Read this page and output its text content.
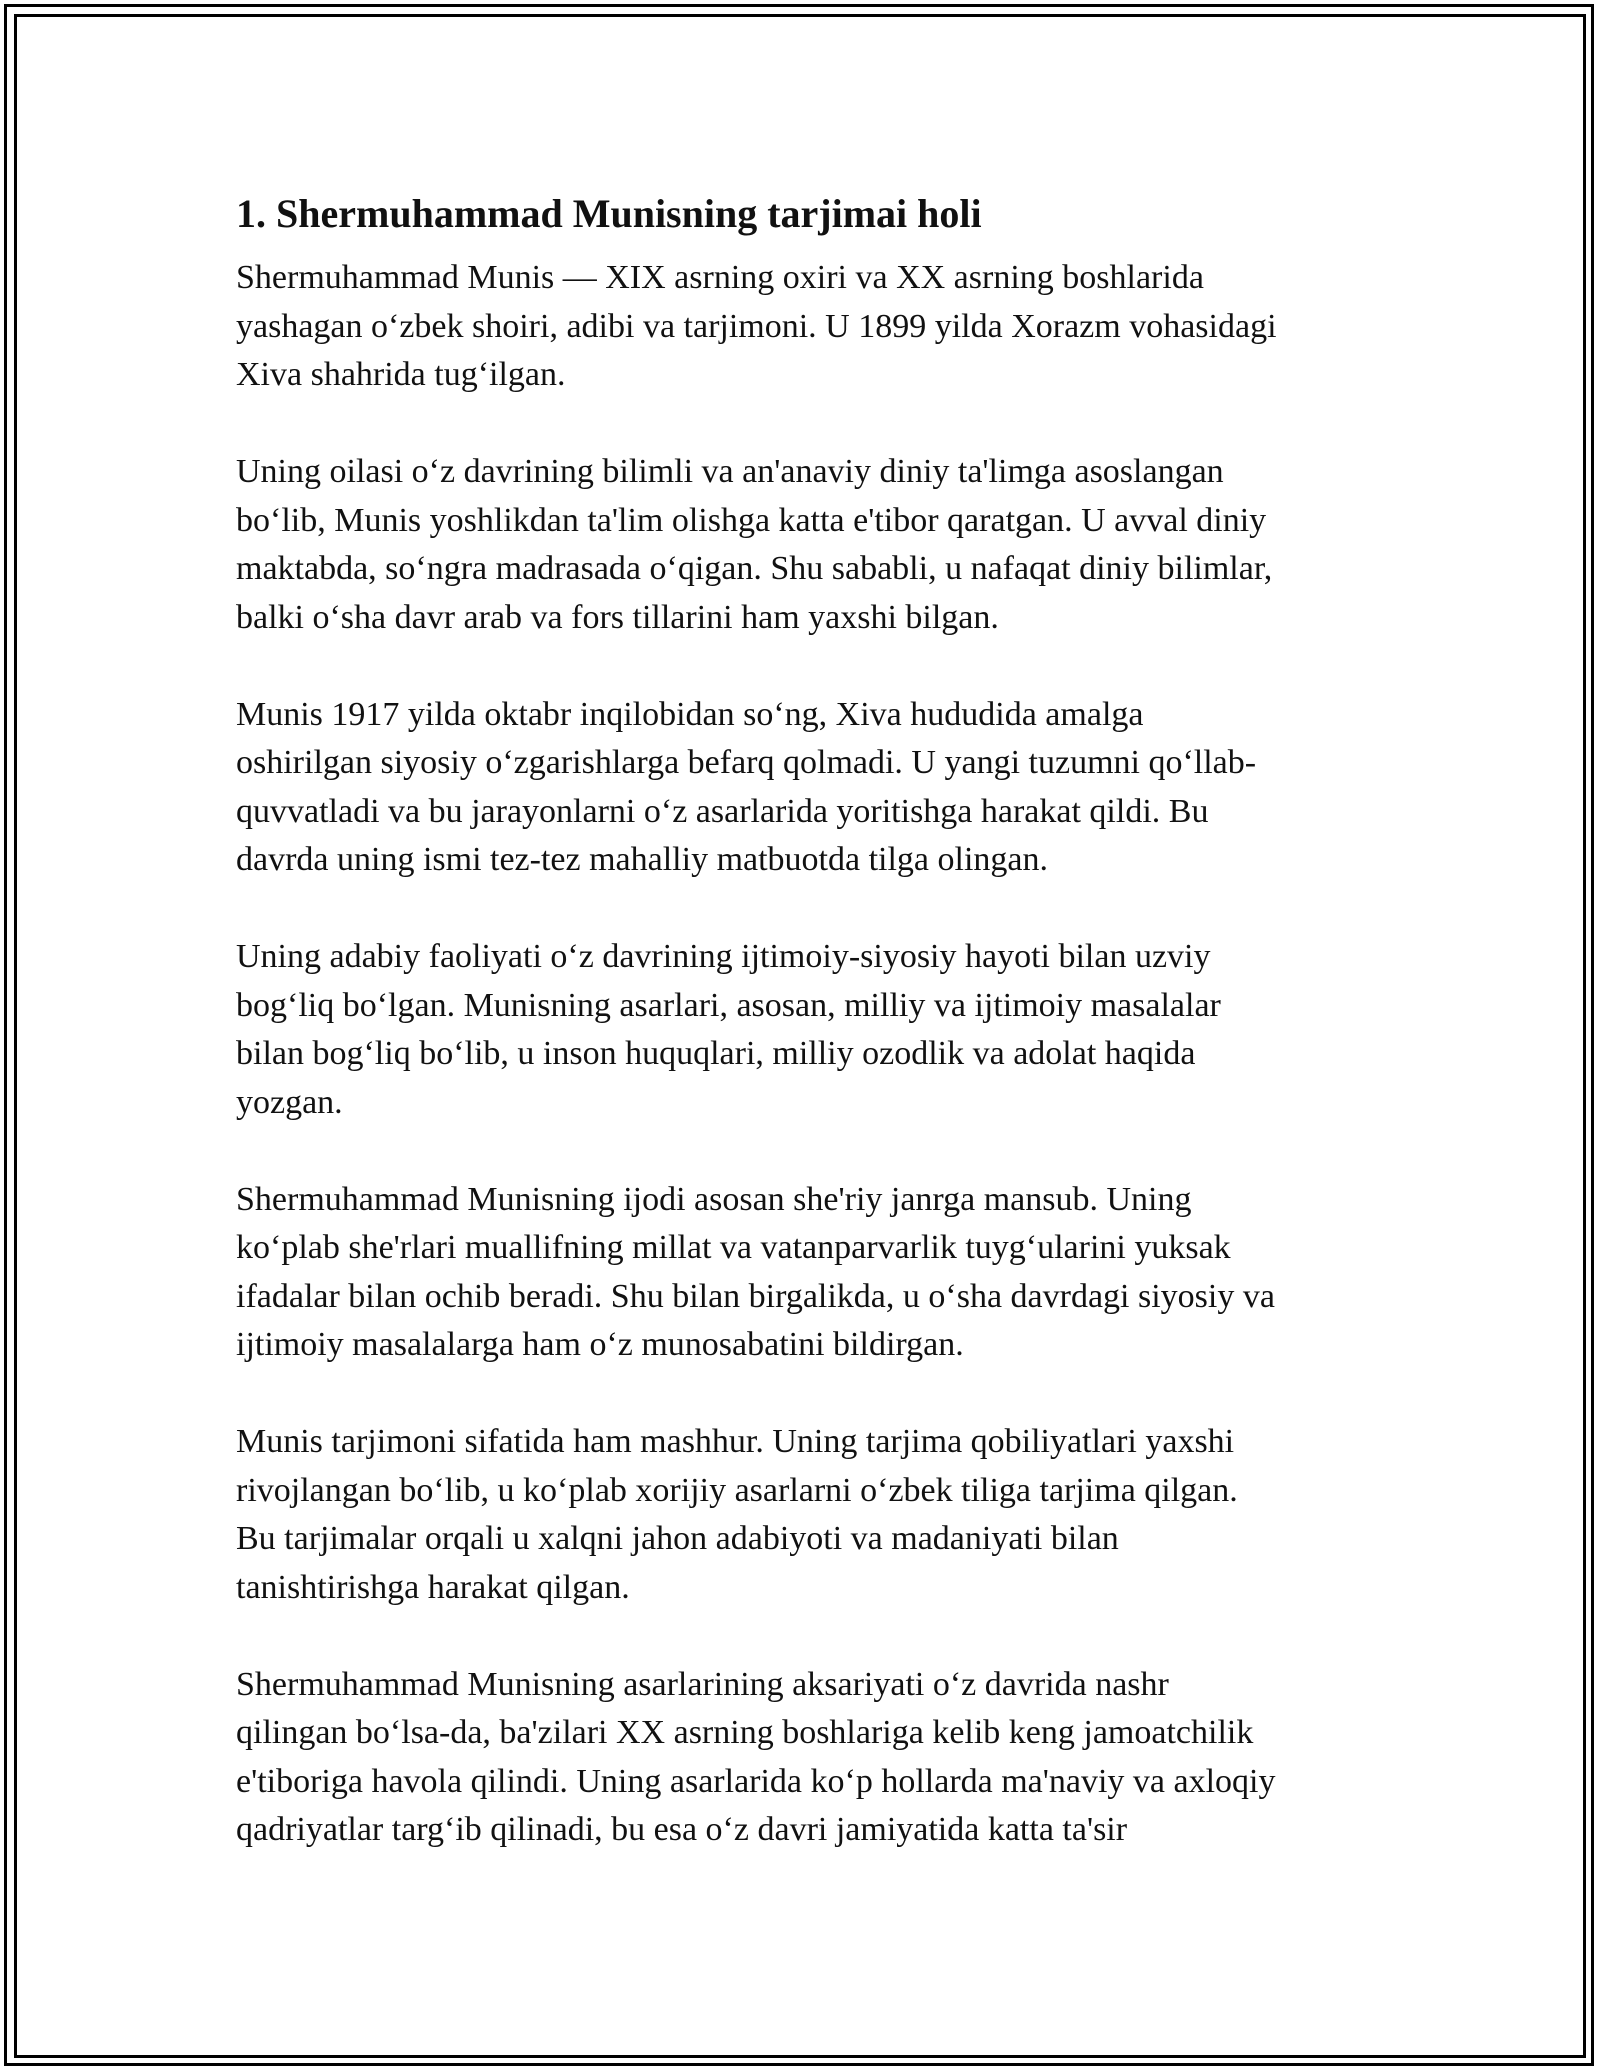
1. Shermuhammad Munisning tarjimai holi

Shermuhammad Munis — XIX asrning oxiri va XX asrning boshlarida
yashagan o‘zbek shoiri, adibi va tarjimoni. U 1899 yilda Xorazm vohasidagi
Xiva shahrida tug‘ilgan.

Uning oilasi o‘z davrining bilimli va an'anaviy diniy ta'limga asoslangan
bo‘lib, Munis yoshlikdan ta'lim olishga katta e'tibor qaratgan. U avval diniy
maktabda, so‘ngra madrasada o‘qigan. Shu sababli, u nafaqat diniy bilimlar,
balki o‘sha davr arab va fors tillarini ham yaxshi bilgan.

Munis 1917 yilda oktabr inqilobidan so‘ng, Xiva hududida amalga
oshirilgan siyosiy o‘zgarishlarga befarq qolmadi. U yangi tuzumni qo‘llab-
quvvatladi va bu jarayonlarni o‘z asarlarida yoritishga harakat qildi. Bu
davrda uning ismi tez-tez mahalliy matbuotda tilga olingan.

Uning adabiy faoliyati o‘z davrining ijtimoiy-siyosiy hayoti bilan uzviy
bog‘liq bo‘lgan. Munisning asarlari, asosan, milliy va ijtimoiy masalalar
bilan bog‘liq bo‘lib, u inson huquqlari, milliy ozodlik va adolat haqida
yozgan.

Shermuhammad Munisning ijodi asosan she'riy janrga mansub. Uning
ko‘plab she'rlari muallifning millat va vatanparvarlik tuyg‘ularini yuksak
ifadalar bilan ochib beradi. Shu bilan birgalikda, u o‘sha davrdagi siyosiy va
ijtimoiy masalalarga ham o‘z munosabatini bildirgan.

Munis tarjimoni sifatida ham mashhur. Uning tarjima qobiliyatlari yaxshi
rivojlangan bo‘lib, u ko‘plab xorijiy asarlarni o‘zbek tiliga tarjima qilgan.
Bu tarjimalar orqali u xalqni jahon adabiyoti va madaniyati bilan
tanishtirishga harakat qilgan.

Shermuhammad Munisning asarlarining aksariyati o‘z davrida nashr
qilingan bo‘lsa-da, ba'zilari XX asrning boshlariga kelib keng jamoatchilik
e'tiboriga havola qilindi. Uning asarlarida ko‘p hollarda ma'naviy va axloqiy
qadriyatlar targ‘ib qilinadi, bu esa o‘z davri jamiyatida katta ta'sir
